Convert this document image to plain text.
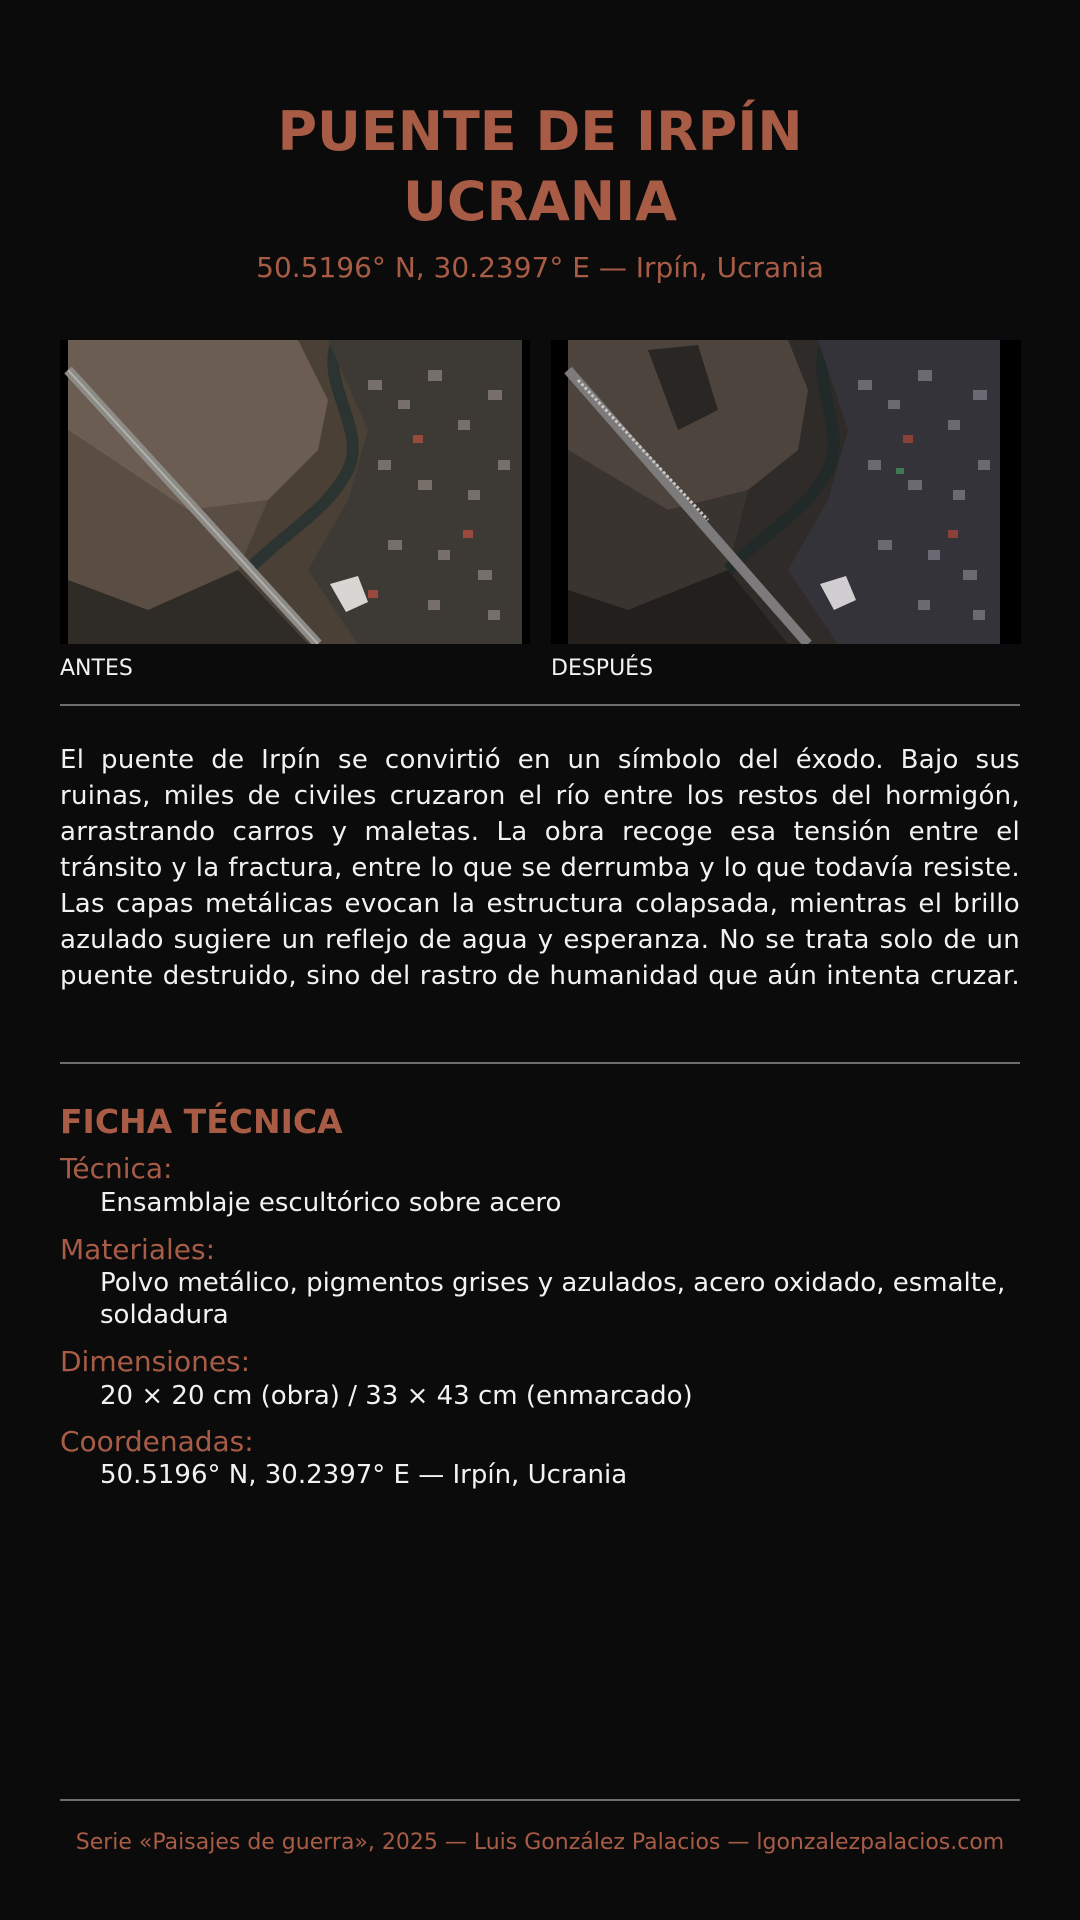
PUENTE DE IRPÍN
UCRANIA
50.5196° N, 30.2397° E — Irpín, Ucrania
ANTES	DESPUÉS

El puente de Irpín se convirtió en un símbolo del éxodo. Bajo sus ruinas, miles de civiles cruzaron el río entre los restos del hormigón, arrastrando carros y maletas. La obra recoge esa tensión entre el tránsito y la fractura, entre lo que se derrumba y lo que todavía resiste. Las capas metálicas evocan la estructura colapsada, mientras el brillo azulado sugiere un reflejo de agua y esperanza. No se trata solo de un puente destruido, sino del rastro de humanidad que aún intenta cruzar.

FICHA TÉCNICA
Técnica:
Ensamblaje escultórico sobre acero
Materiales:
Polvo metálico, pigmentos grises y azulados, acero oxidado, esmalte, soldadura
Dimensiones:
20 × 20 cm (obra) / 33 × 43 cm (enmarcado)
Coordenadas:
50.5196° N, 30.2397° E — Irpín, Ucrania
Serie «Paisajes de guerra», 2025 — Luis González Palacios — lgonzalezpalacios.com
